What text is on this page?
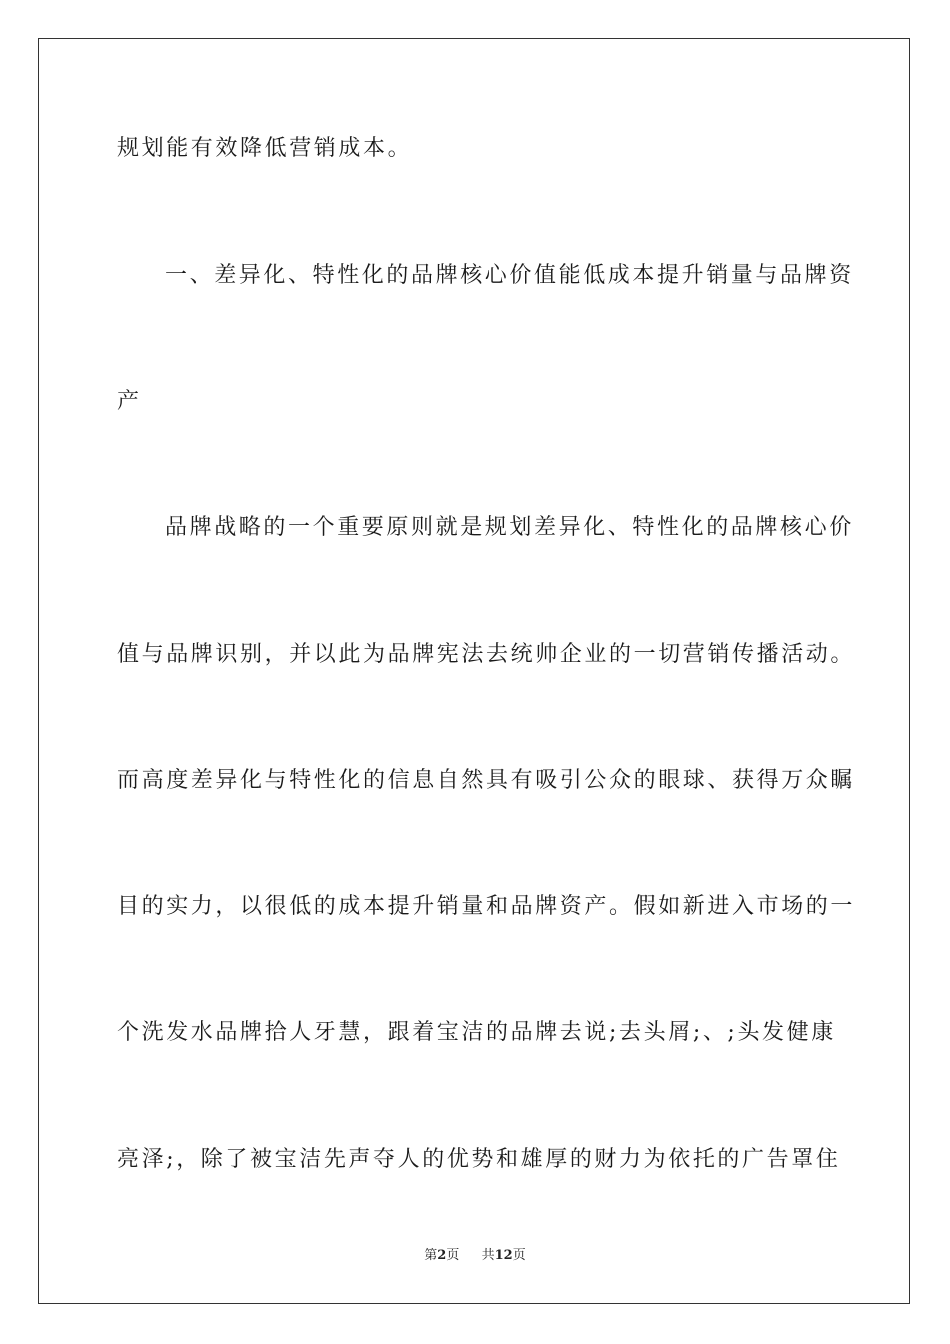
规划能有效降低营销成本。
一、差异化、特性化的品牌核心价值能低成本提升销量与品牌资
产
品牌战略的一个重要原则就是规划差异化、特性化的品牌核心价
值与品牌识别，并以此为品牌宪法去统帅企业的一切营销传播活动。
而高度差异化与特性化的信息自然具有吸引公众的眼球、获得万众瞩
目的实力，以很低的成本提升销量和品牌资产。假如新进入市场的一
个洗发水品牌拾人牙慧，跟着宝洁的品牌去说;去头屑;、;头发健康
亮泽;，除了被宝洁先声夺人的优势和雄厚的财力为依托的广告罩住
第2页 共12页
